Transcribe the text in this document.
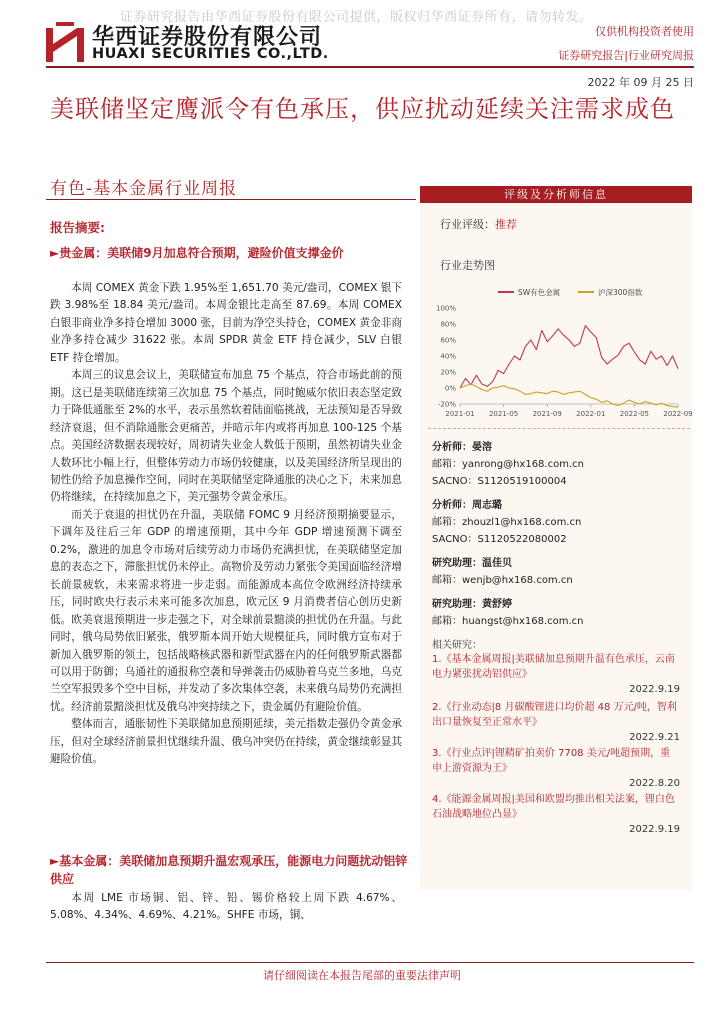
证券研究报告由华西证券股份有限公司提供，版权归华西证券所有，请勿转发。
华西证券股份有限公司
HUAXI SECURITIES CO.,LTD.
仅供机构投资者使用
证券研究报告|行业研究周报
2022 年 09 月 25 日
美联储坚定鹰派令有色承压，供应扰动延续关注需求成色
有色-基本金属行业周报	评级及分析师信息
行业评级：推荐
行业走势图
SW有色金属	沪深300指数
-20%
0%
20%
40%
60%
80%
100%
2021-01 2021-05 2021-09 2022-01 2022-05 2022-09
分析师：晏溶
邮箱：yanrong@hx168.com.cn
SACNO：S1120519100004
分析师：周志璐
邮箱：zhouzl1@hx168.com.cn
SACNO：S1120522080002
研究助理：温佳贝
邮箱：wenjb@hx168.com.cn
研究助理：黄舒婷
邮箱：huangst@hx168.com.cn
相关研究：
1.《基本金属周报|美联储加息预期升温有色承压，云南电力紧张扰动铝供应》
2022.9.19
2.《行业动态|8 月碳酸锂进口均价超 48 万元/吨，智利出口量恢复至正常水平》
2022.9.21
3.《行业点评|锂精矿拍卖价 7708 美元/吨超预期，重申上游资源为王》
2022.8.20
4.《能源金属周报|美国和欧盟均推出相关法案，锂白色石油战略地位凸显》
2022.9.19
报告摘要:
►贵金属：美联储9月加息符合预期，避险价值支撑金价

本周 COMEX 黄金下跌 1.95%至 1,651.70 美元/盎司，COMEX 银下跌 3.98%至 18.84 美元/盎司。本周金银比走高至 87.69。本周 COMEX 白银非商业净多持仓增加 3000 张，目前为净空头持仓，COMEX 黄金非商业净多持仓减少 31622 张。本周 SPDR 黄金 ETF 持仓减少，SLV 白银 ETF 持仓增加。

本周三的议息会议上，美联储宣布加息 75 个基点，符合市场此前的预期。这已是美联储连续第三次加息 75 个基点，同时鲍威尔依旧表态坚定致力于降低通胀至 2%的水平，表示虽然软着陆面临挑战，无法预知是否导致经济衰退，但不消除通胀会更痛苦，并暗示年内或将再加息 100-125 个基点。美国经济数据表现较好，周初请失业金人数低于预期，虽然初请失业金人数环比小幅上行，但整体劳动力市场仍较健康，以及美国经济所呈现出的韧性仍给予加息操作空间，同时在美联储坚定降通胀的决心之下，未来加息仍将继续，在持续加息之下，美元强势令黄金承压。

而关于衰退的担忧仍在升温，美联储 FOMC 9 月经济预期摘要显示，下调年及往后三年 GDP 的增速预期，其中今年 GDP 增速预测下调至 0.2%，激进的加息令市场对后续劳动力市场仍充满担忧，在美联储坚定加息的表态之下，滞胀担忧仍未停止。高物价及劳动力紧张令美国面临经济增长前景疲软，未来需求将进一步走弱。而能源成本高位令欧洲经济持续承压，同时欧央行表示未来可能多次加息，欧元区 9 月消费者信心创历史新低。欧美衰退预期进一步走强之下，对全球前景黯淡的担忧仍在升温。与此同时，俄乌局势依旧紧张，俄罗斯本周开始大规模征兵，同时俄方宣布对于新加入俄罗斯的领土，包括战略核武器和新型武器在内的任何俄罗斯武器都可以用于防御；乌通社的通报称空袭和导弹袭击仍威胁着乌克兰多地，乌克兰空军报毁多个空中目标，并发动了多次集体空袭，未来俄乌局势仍充满担忧。经济前景黯淡担忧及俄乌冲突持续之下，贵金属仍有避险价值。

整体而言，通胀韧性下美联储加息预期延续，美元指数走强仍令黄金承压，但对全球经济前景担忧继续升温、俄乌冲突仍在持续，黄金继续彰显其避险价值。

►基本金属：美联储加息预期升温宏观承压，能源电力问题扰动铝锌供应

本周 LME 市场铜、铝、锌、铅、锡价格较上周下跌 4.67%、5.08%、4.34%、4.69%、4.21%。SHFE 市场，铜、

请仔细阅读在本报告尾部的重要法律声明
